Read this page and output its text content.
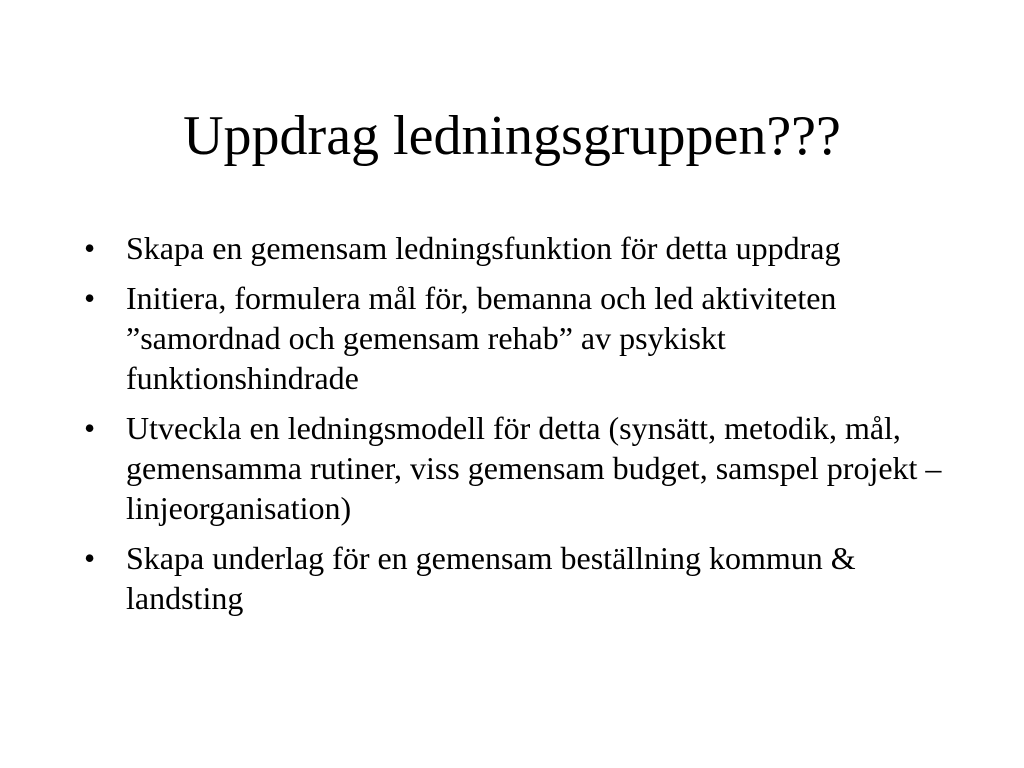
Uppdrag ledningsgruppen???
• Skapa en gemensam ledningsfunktion för detta uppdrag
• Initiera, formulera mål för, bemanna och led aktiviteten ”samordnad och gemensam rehab” av psykiskt funktionshindrade
• Utveckla en ledningsmodell för detta (synsätt, metodik, mål, gemensamma rutiner, viss gemensam budget, samspel projekt – linjeorganisation)
• Skapa underlag för en gemensam beställning kommun & landsting
